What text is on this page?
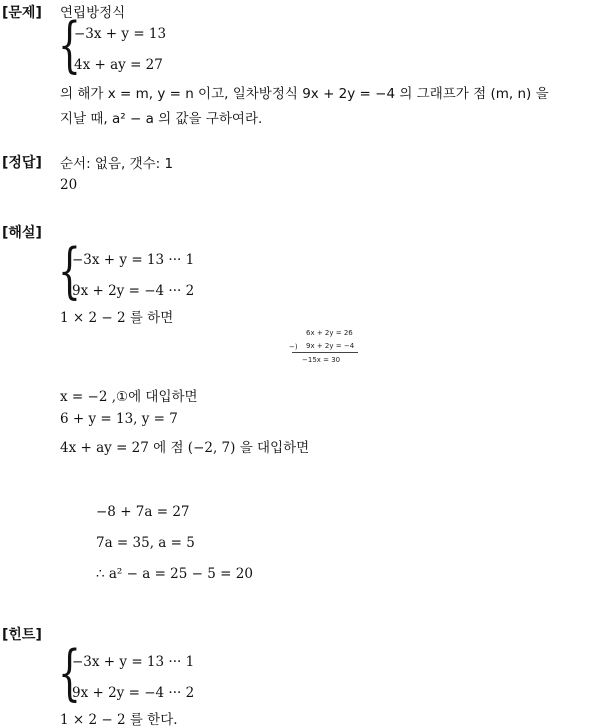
[문제] 연립방정식
{
−3x + y = 13
4x + ay = 27
의 해가 x = m, y = n 이고, 일차방정식 9x + 2y = −4 의 그래프가 점 (m, n) 을
지날 때, a² − a 의 값을 구하여라.
[정답] 순서: 없음, 갯수: 1
20
[해설]
{
−3x + y = 13 ··· 1
9x + 2y = −4 ··· 2
1 × 2 − 2 를 하면
6x + 2y = 26
−) 9x + 2y = −4
−15x = 30
x = −2 ,①에 대입하면
6 + y = 13, y = 7
4x + ay = 27 에 점 (−2, 7) 을 대입하면
−8 + 7a = 27
7a = 35, a = 5
∴ a² − a = 25 − 5 = 20
[힌트]
{
−3x + y = 13 ··· 1
9x + 2y = −4 ··· 2
1 × 2 − 2 를 한다.
